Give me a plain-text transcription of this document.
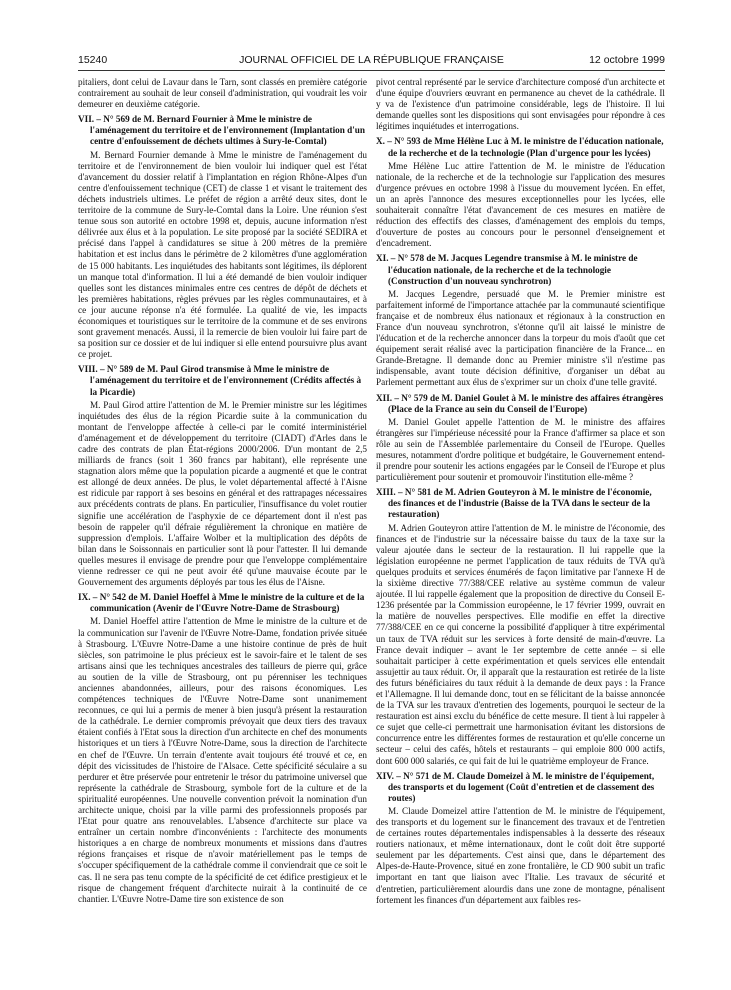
15240	JOURNAL OFFICIEL DE LA RÉPUBLIQUE FRANÇAISE	12 octobre 1999

pitaliers, dont celui de Lavaur dans le Tarn, sont classés en première catégorie contrairement au souhait de leur conseil d'administration, qui voudrait les voir demeurer en deuxième catégorie.

VII. – N° 569 de M. Bernard Fournier à Mme le ministre de l'aménagement du territoire et de l'environnement (Implantation d'un centre d'enfouissement de déchets ultimes à Sury-le-Comtal)

M. Bernard Fournier demande à Mme le ministre de l'aménagement du territoire et de l'environnement de bien vouloir lui indiquer quel est l'état d'avancement du dossier relatif à l'implantation en région Rhône-Alpes d'un centre d'enfouissement technique (CET) de classe 1 et visant le traitement des déchets industriels ultimes. Le préfet de région a arrêté deux sites, dont le territoire de la commune de Sury-le-Comtal dans la Loire. Une réunion s'est tenue sous son autorité en octobre 1998 et, depuis, aucune information n'est délivrée aux élus et à la population. Le site proposé par la société SEDIRA et précisé dans l'appel à candidatures se situe à 200 mètres de la première habitation et est inclus dans le périmètre de 2 kilomètres d'une agglomération de 15 000 habitants. Les inquiétudes des habitants sont légitimes, ils déplorent un manque total d'information. Il lui a été demandé de bien vouloir indiquer quelles sont les distances minimales entre ces centres de dépôt de déchets et les premières habitations, règles prévues par les règles communautaires, et à ce jour aucune réponse n'a été formulée. La qualité de vie, les impacts économiques et touristiques sur le territoire de la commune et de ses environs sont gravement menacés. Aussi, il la remercie de bien vouloir lui faire part de sa position sur ce dossier et de lui indiquer si elle entend poursuivre plus avant ce projet.

VIII. – N° 589 de M. Paul Girod transmise à Mme le ministre de l'aménagement du territoire et de l'environnement (Crédits affectés à la Picardie)

M. Paul Girod attire l'attention de M. le Premier ministre sur les légitimes inquiétudes des élus de la région Picardie suite à la communication du montant de l'enveloppe affectée à celle-ci par le comité interministériel d'aménagement et de développement du territoire (CIADT) d'Arles dans le cadre des contrats de plan État-régions 2000/2006. D'un montant de 2,5 milliards de francs (soit 1 360 francs par habitant), elle représente une stagnation alors même que la population picarde a augmenté et que le contrat est allongé de deux années. De plus, le volet départemental affecté à l'Aisne est ridicule par rapport à ses besoins en général et des rattrapages nécessaires aux précédents contrats de plans. En particulier, l'insuffisance du volet routier signifie une accélération de l'asphyxie de ce département dont il n'est pas besoin de rappeler qu'il défraie régulièrement la chronique en matière de suppression d'emplois. L'affaire Wolber et la multiplication des dépôts de bilan dans le Soissonnais en particulier sont là pour l'attester. Il lui demande quelles mesures il envisage de prendre pour que l'enveloppe complémentaire vienne redresser ce qui ne peut avoir été qu'une mauvaise écoute par le Gouvernement des arguments déployés par tous les élus de l'Aisne.

IX. – N° 542 de M. Daniel Hoeffel à Mme le ministre de la culture et de la communication (Avenir de l'Œuvre Notre-Dame de Strasbourg)

M. Daniel Hoeffel attire l'attention de Mme le ministre de la culture et de la communication sur l'avenir de l'Œuvre Notre-Dame, fondation privée située à Strasbourg. L'Œuvre Notre-Dame a une histoire continue de près de huit siècles, son patrimoine le plus précieux est le savoir-faire et le talent de ses artisans ainsi que les techniques ancestrales des tailleurs de pierre qui, grâce au soutien de la ville de Strasbourg, ont pu pérenniser les techniques anciennes abandonnées, ailleurs, pour des raisons économiques. Les compétences techniques de l'Œuvre Notre-Dame sont unanimement reconnues, ce qui lui a permis de mener à bien jusqu'à présent la restauration de la cathédrale. Le dernier compromis prévoyait que deux tiers des travaux étaient confiés à l'Etat sous la direction d'un architecte en chef des monuments historiques et un tiers à l'Œuvre Notre-Dame, sous la direction de l'architecte en chef de l'Œuvre. Un terrain d'entente avait toujours été trouvé et ce, en dépit des vicissitudes de l'histoire de l'Alsace. Cette spécificité séculaire a su perdurer et être préservée pour entretenir le trésor du patrimoine universel que représente la cathédrale de Strasbourg, symbole fort de la culture et de la spiritualité européennes. Une nouvelle convention prévoit la nomination d'un architecte unique, choisi par la ville parmi des professionnels proposés par l'Etat pour quatre ans renouvelables. L'absence d'architecte sur place va entraîner un certain nombre d'inconvénients : l'architecte des monuments historiques a en charge de nombreux monuments et missions dans d'autres régions françaises et risque de n'avoir matériellement pas le temps de s'occuper spécifiquement de la cathédrale comme il conviendrait que ce soit le cas. Il ne sera pas tenu compte de la spécificité de cet édifice prestigieux et le risque de changement fréquent d'architecte nuirait à la continuité de ce chantier. L'Œuvre Notre-Dame tire son existence de son

pivot central représenté par le service d'architecture composé d'un architecte et d'une équipe d'ouvriers œuvrant en permanence au chevet de la cathédrale. Il y va de l'existence d'un patrimoine considérable, legs de l'histoire. Il lui demande quelles sont les dispositions qui sont envisagées pour répondre à ces légitimes inquiétudes et interrogations.

X. – N° 593 de Mme Hélène Luc à M. le ministre de l'éducation nationale, de la recherche et de la technologie (Plan d'urgence pour les lycées)

Mme Hélène Luc attire l'attention de M. le ministre de l'éducation nationale, de la recherche et de la technologie sur l'application des mesures d'urgence prévues en octobre 1998 à l'issue du mouvement lycéen. En effet, un an après l'annonce des mesures exceptionnelles pour les lycées, elle souhaiterait connaître l'état d'avancement de ces mesures en matière de réduction des effectifs des classes, d'aménagement des emplois du temps, d'ouverture de postes au concours pour le personnel d'enseignement et d'encadrement.

XI. – N° 578 de M. Jacques Legendre transmise à M. le ministre de l'éducation nationale, de la recherche et de la technologie (Construction d'un nouveau synchrotron)

M. Jacques Legendre, persuadé que M. le Premier ministre est parfaitement informé de l'importance attachée par la communauté scientifique française et de nombreux élus nationaux et régionaux à la construction en France d'un nouveau synchrotron, s'étonne qu'il ait laissé le ministre de l'éducation et de la recherche annoncer dans la torpeur du mois d'août que cet équipement serait réalisé avec la participation financière de la France... en Grande-Bretagne. Il demande donc au Premier ministre s'il n'estime pas indispensable, avant toute décision définitive, d'organiser un débat au Parlement permettant aux élus de s'exprimer sur un choix d'une telle gravité.

XII. – N° 579 de M. Daniel Goulet à M. le ministre des affaires étrangères (Place de la France au sein du Conseil de l'Europe)

M. Daniel Goulet appelle l'attention de M. le ministre des affaires étrangères sur l'impérieuse nécessité pour la France d'affirmer sa place et son rôle au sein de l'Assemblée parlementaire du Conseil de l'Europe. Quelles mesures, notamment d'ordre politique et budgétaire, le Gouvernement entend-il prendre pour soutenir les actions engagées par le Conseil de l'Europe et plus particulièrement pour soutenir et promouvoir l'institution elle-même ?

XIII. – N° 581 de M. Adrien Gouteyron à M. le ministre de l'économie, des finances et de l'industrie (Baisse de la TVA dans le secteur de la restauration)

M. Adrien Gouteyron attire l'attention de M. le ministre de l'économie, des finances et de l'industrie sur la nécessaire baisse du taux de la taxe sur la valeur ajoutée dans le secteur de la restauration. Il lui rappelle que la législation européenne ne permet l'application de taux réduits de TVA qu'à quelques produits et services énumérés de façon limitative par l'annexe H de la sixième directive 77/388/CEE relative au système commun de valeur ajoutée. Il lui rappelle également que la proposition de directive du Conseil E-1236 présentée par la Commission européenne, le 17 février 1999, ouvrait en la matière de nouvelles perspectives. Elle modifie en effet la directive 77/388/CEE en ce qui concerne la possibilité d'appliquer à titre expérimental un taux de TVA réduit sur les services à forte densité de main-d'œuvre. La France devait indiquer – avant le 1er septembre de cette année – si elle souhaitait participer à cette expérimentation et quels services elle entendait assujettir au taux réduit. Or, il apparaît que la restauration est retirée de la liste des futurs bénéficiaires du taux réduit à la demande de deux pays : la France et l'Allemagne. Il lui demande donc, tout en se félicitant de la baisse annoncée de la TVA sur les travaux d'entretien des logements, pourquoi le secteur de la restauration est ainsi exclu du bénéfice de cette mesure. Il tient à lui rappeler à ce sujet que celle-ci permettrait une harmonisation évitant les distorsions de concurrence entre les différentes formes de restauration et qu'elle concerne un secteur – celui des cafés, hôtels et restaurants – qui emploie 800 000 actifs, dont 600 000 salariés, ce qui fait de lui le quatrième employeur de France.

XIV. – N° 571 de M. Claude Domeizel à M. le ministre de l'équipement, des transports et du logement (Coût d'entretien et de classement des routes)

M. Claude Domeizel attire l'attention de M. le ministre de l'équipement, des transports et du logement sur le financement des travaux et de l'entretien de certaines routes départementales indispensables à la desserte des réseaux routiers nationaux, et même internationaux, dont le coût doit être supporté seulement par les départements. C'est ainsi que, dans le département des Alpes-de-Haute-Provence, situé en zone frontalière, le CD 900 subit un trafic important en tant que liaison avec l'Italie. Les travaux de sécurité et d'entretien, particulièrement alourdis dans une zone de montagne, pénalisent fortement les finances d'un département aux faibles res-
